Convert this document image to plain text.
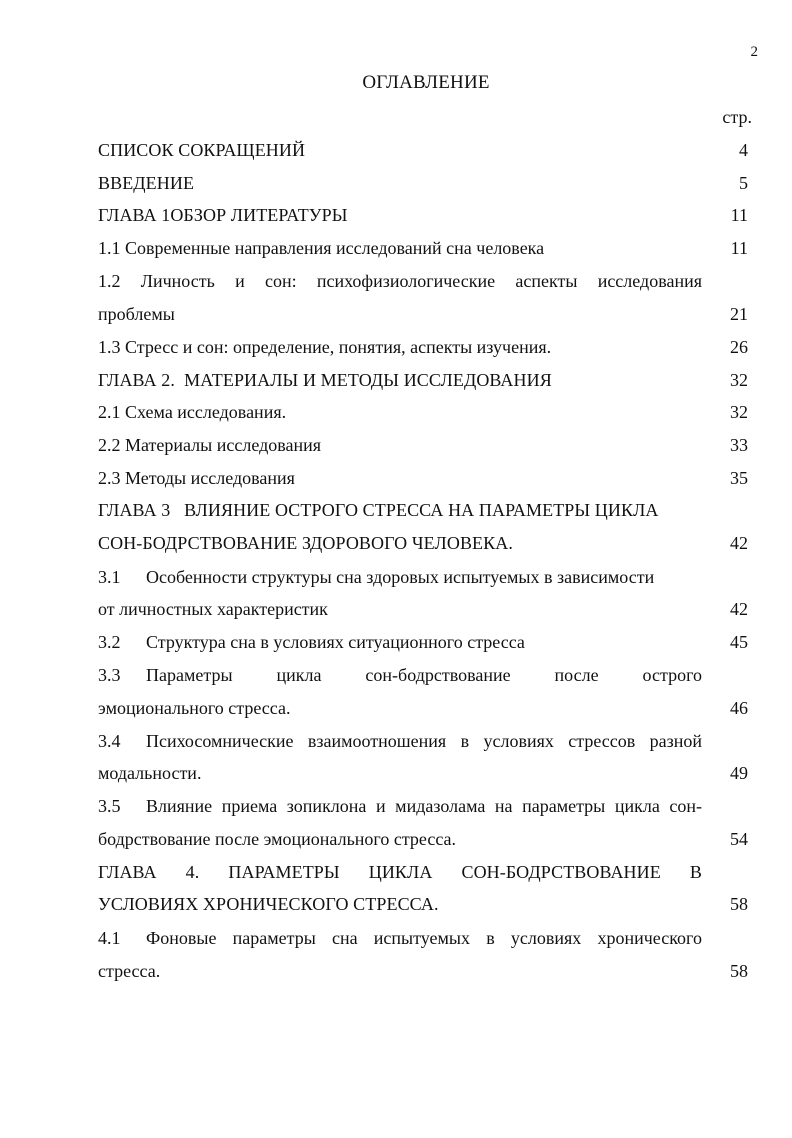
2
ОГЛАВЛЕНИЕ
стр.
СПИСОК СОКРАЩЕНИЙ	4
ВВЕДЕНИЕ	5
ГЛАВА 1ОБЗОР ЛИТЕРАТУРЫ	11
1.1 Современные направления исследований сна человека	11
1.2 Личность и сон: психофизиологические аспекты исследования
проблемы	21
1.3 Стресс и сон: определение, понятия, аспекты изучения.	26
ГЛАВА 2.  МАТЕРИАЛЫ И МЕТОДЫ ИССЛЕДОВАНИЯ	32
2.1 Схема исследования.	32
2.2 Материалы исследования	33
2.3 Методы исследования	35
ГЛАВА 3   ВЛИЯНИЕ ОСТРОГО СТРЕССА НА ПАРАМЕТРЫ ЦИКЛА
СОН-БОДРСТВОВАНИЕ ЗДОРОВОГО ЧЕЛОВЕКА.	42
3.1 Особенности структуры сна здоровых испытуемых в зависимости
от личностных характеристик	42
3.2 Структура сна в условиях ситуационного стресса	45
3.3	Параметры цикла сон-бодрствование после острого
эмоционального стресса.	46
3.4	Психосомнические взаимоотношения в условиях стрессов разной
модальности.	49
3.5	Влияние приема зопиклона и мидазолама на параметры цикла сон-
бодрствование после эмоционального стресса.	54
ГЛАВА 4. ПАРАМЕТРЫ ЦИКЛА СОН-БОДРСТВОВАНИЕ В
УСЛОВИЯХ ХРОНИЧЕСКОГО СТРЕССА.	58
4.1	Фоновые параметры сна испытуемых в условиях хронического
стресса.	58
